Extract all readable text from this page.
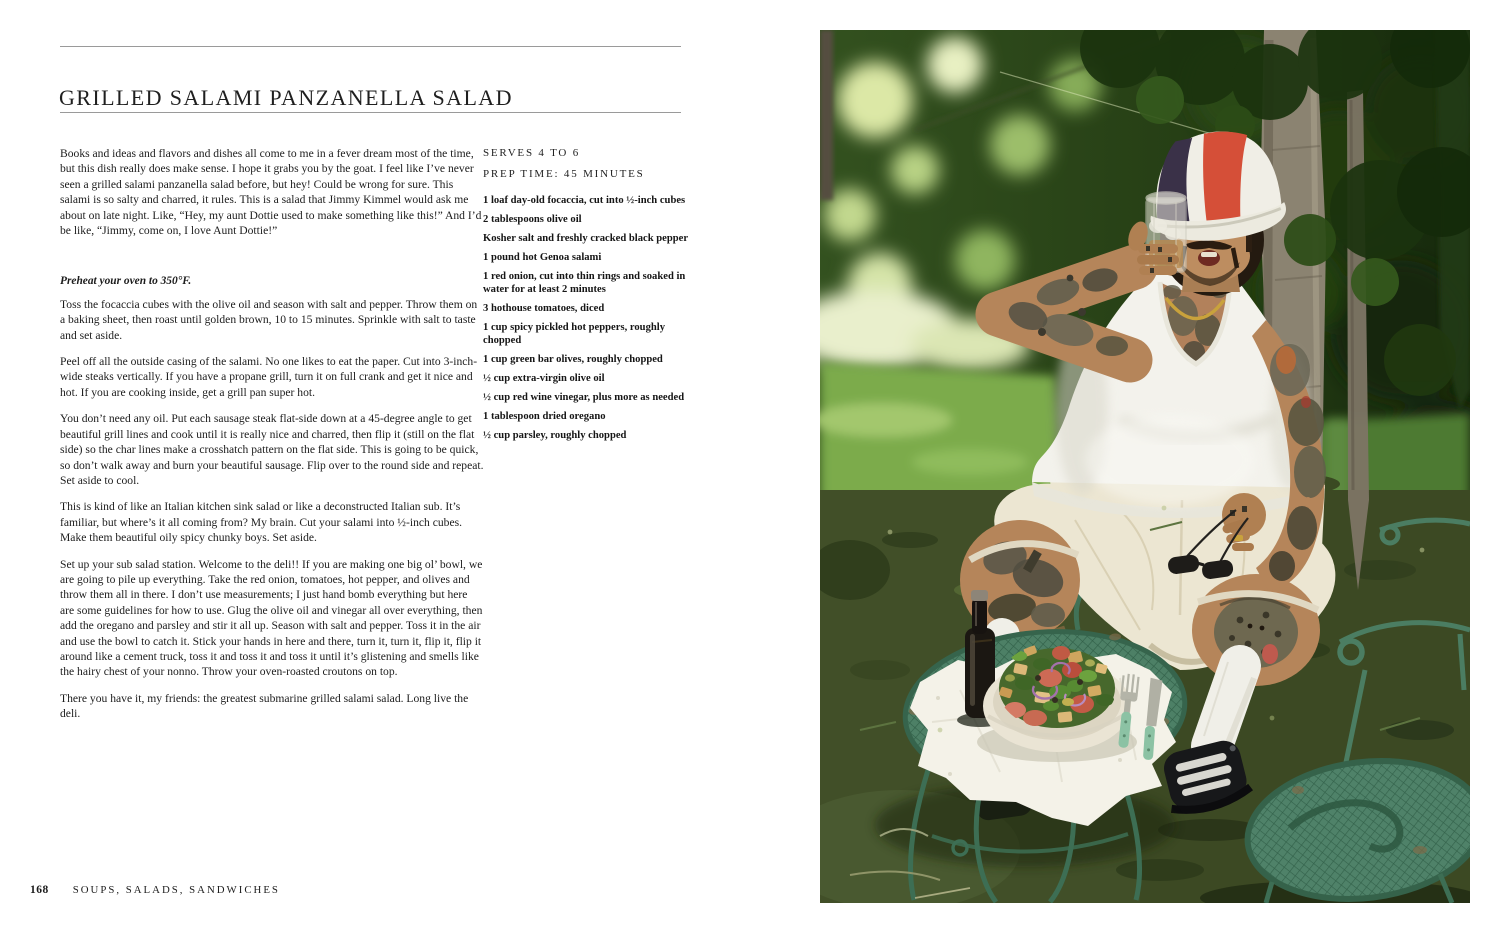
GRILLED SALAMI PANZANELLA SALAD

Books and ideas and flavors and dishes all come to me in a fever dream most of the time, but this dish really does make sense. I hope it grabs you by the goat. I feel like I’ve never seen a grilled salami panzanella salad before, but hey! Could be wrong for sure. This salami is so salty and charred, it rules. This is a salad that Jimmy Kimmel would ask me about on late night. Like, “Hey, my aunt Dottie used to make something like this!” And I’d be like, “Jimmy, come on, I love Aunt Dottie!”

Preheat your oven to 350°F.

Toss the focaccia cubes with the olive oil and season with salt and pepper. Throw them on a baking sheet, then roast until golden brown, 10 to 15 minutes. Sprinkle with salt to taste and set aside.

Peel off all the outside casing of the salami. No one likes to eat the paper. Cut into 3-inch-wide steaks vertically. If you have a propane grill, turn it on full crank and get it nice and hot. If you are cooking inside, get a grill pan super hot.

You don’t need any oil. Put each sausage steak flat-side down at a 45-degree angle to get beautiful grill lines and cook until it is really nice and charred, then flip it (still on the flat side) so the char lines make a crosshatch pattern on the flat side. This is going to be quick, so don’t walk away and burn your beautiful sausage. Flip over to the round side and repeat. Set aside to cool.

This is kind of like an Italian kitchen sink salad or like a deconstructed Italian sub. It’s familiar, but where’s it all coming from? My brain. Cut your salami into ½-inch cubes. Make them beautiful oily spicy chunky boys. Set aside.

Set up your sub salad station. Welcome to the deli!! If you are making one big ol’ bowl, we are going to pile up everything. Take the red onion, tomatoes, hot pepper, and olives and throw them all in there. I don’t use measurements; I just hand bomb everything but here are some guidelines for how to use. Glug the olive oil and vinegar all over everything, then add the oregano and parsley and stir it all up. Season with salt and pepper. Toss it in the air and use the bowl to catch it. Stick your hands in here and there, turn it, turn it, flip it, flip it around like a cement truck, toss it and toss it and toss it until it’s glistening and smells like the hairy chest of your nonno. Throw your oven-roasted croutons on top.

There you have it, my friends: the greatest submarine grilled salami salad. Long live the deli.

SERVES 4 TO 6

PREP TIME: 45 MINUTES

1 loaf day-old focaccia, cut into ½-inch cubes

2 tablespoons olive oil

Kosher salt and freshly cracked black pepper

1 pound hot Genoa salami

1 red onion, cut into thin rings and soaked in water for at least 2 minutes

3 hothouse tomatoes, diced

1 cup spicy pickled hot peppers, roughly chopped

1 cup green bar olives, roughly chopped

½ cup extra-virgin olive oil

½ cup red wine vinegar, plus more as needed

1 tablespoon dried oregano

½ cup parsley, roughly chopped

168 SOUPS, SALADS, SANDWICHES
